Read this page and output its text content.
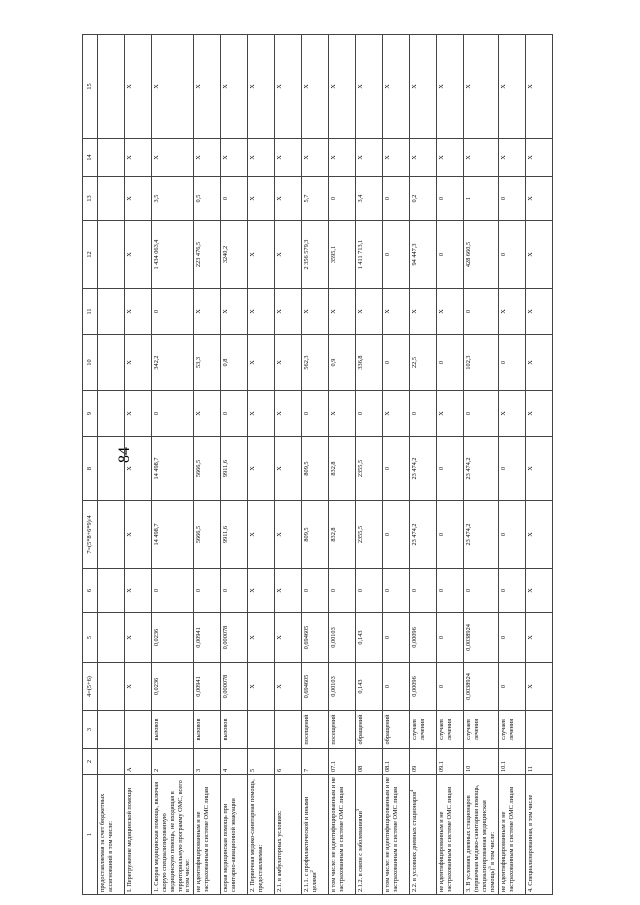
84
1	2	3	4=(5+6)	5	6	7=(5*8+6*9)/4	8	9	10	11	12	13	14	15
предоставляемая за счет бюджетных ассигнований в том числе:														
I. Перегружение медицинской помощи	А		Х	Х	Х	Х	Х	Х	Х	Х	Х	Х	Х	Х
1. Скорая медицинская помощь, включая скорую специализированную медицинскую помощь, не входящая в территориальную программу ОМС, всего в том числе:	2	вызовов	0,0236	0,0236	0	14 498,7	14 498,7	0	342,2	0	1 434 063,4	3,5	Х	Х
не идентифицированным и не застрахованным в системе ОМС лицам	3	вызовов	0,00941	0,00941	0	5666,5	5666,5	Х	53,3	Х	223 476,5	0,5	Х	Х
скорая медицинская помощь при санитарно-авиационной эвакуации	4	вызовов	0,000078	0,000078	0	9911,6	9911,6	0	0,8	Х	3240,2	0	Х	Х
2. Первичная медико-санитарная помощь, предоставляемая:	5		Х	Х	Х	Х	Х	Х	Х	Х	Х	Х	Х	Х
2.1. в амбулаторных условиях:	6		Х	Х	Х	Х	Х	Х	Х	Х	Х	Х	Х	Х
2.1.1. с профилактической и иными целями$^2$	7	посещений	0,694605	0,694605	0	809,5	809,5	0	562,3	Х	2 356 579,3	5,7	Х	Х
в том числе: не идентифицированным и не застрахованным в системе ОМС лицам	07.1	посещений	0,00103	0,00103	0	832,8	832,8	Х	0,9	Х	3595,1	0	Х	Х
2.1.2. в связи с заболеваниями$^3$	08	обращений	0,143	0,143	0	2355,5	2355,5	0	336,8	Х	1 411 713,1	3,4	Х	Х
в том числе: не идентифицированным и не застрахованным в системе ОМС лицам	08.1	обращений	0	0	0	0	0	Х	0	Х	0	0	Х	Х
2.2. в условиях дневных стационаров$^4$	09	случаев лечения	0,00096	0,00096	0	23 474,2	23 474,2	0	22,5	Х	94 447,3	0,2	Х	Х
не идентифицированным и не застрахованным в системе ОМС лицам	09.1	случаев лечения	0	0	0	0	0	Х	0	Х	0	0	Х	Х
3. В условиях дневных стационаров (первичная медико-санитарная помощь, специализированная медицинская помощь)$^5$ в том числе:	10	случаев лечения	0,0038924	0,0038924	0	23 474,2	23 474,2	0	102,3	0	428 660,5	1	Х	Х
не идентифицированным и не застрахованным в системе ОМС лицам	10.1	случаев лечения	0	0	0	0	0	Х	0	Х	0	0	Х	Х
4. Специализированная, в том числе	11		Х	Х	Х	Х	Х	Х	Х	Х	Х	Х	Х	Х
